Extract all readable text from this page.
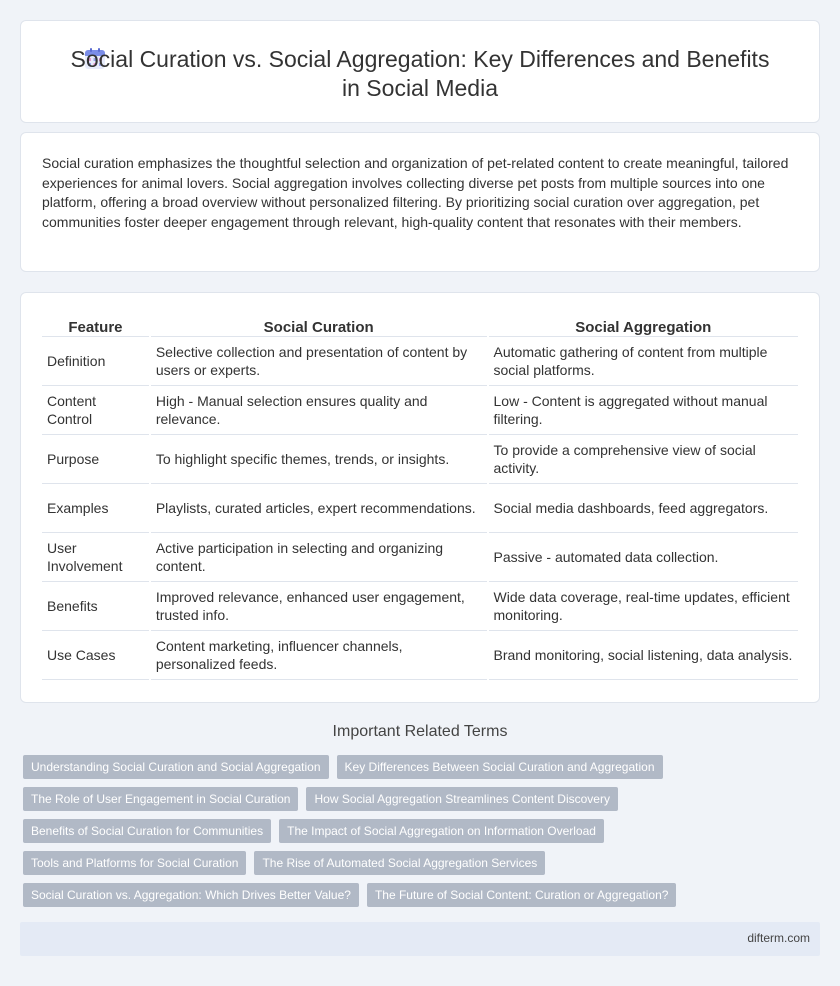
Social Curation vs. Social Aggregation: Key Differences and Benefits in Social Media

Social curation emphasizes the thoughtful selection and organization of pet-related content to create meaningful, tailored experiences for animal lovers. Social aggregation involves collecting diverse pet posts from multiple sources into one platform, offering a broad overview without personalized filtering. By prioritizing social curation over aggregation, pet communities foster deeper engagement through relevant, high-quality content that resonates with their members.

Feature	Social Curation	Social Aggregation
Definition	Selective collection and presentation of content by users or experts.	Automatic gathering of content from multiple social platforms.
Content Control	High - Manual selection ensures quality and relevance.	Low - Content is aggregated without manual filtering.
Purpose	To highlight specific themes, trends, or insights.	To provide a comprehensive view of social activity.
Examples	Playlists, curated articles, expert recommendations.	Social media dashboards, feed aggregators.
User Involvement	Active participation in selecting and organizing content.	Passive - automated data collection.
Benefits	Improved relevance, enhanced user engagement, trusted info.	Wide data coverage, real-time updates, efficient monitoring.
Use Cases	Content marketing, influencer channels, personalized feeds.	Brand monitoring, social listening, data analysis.
Important Related Terms
Understanding Social Curation and Social Aggregation	Key Differences Between Social Curation and Aggregation
The Role of User Engagement in Social Curation	How Social Aggregation Streamlines Content Discovery
Benefits of Social Curation for Communities	The Impact of Social Aggregation on Information Overload
Tools and Platforms for Social Curation	The Rise of Automated Social Aggregation Services
Social Curation vs. Aggregation: Which Drives Better Value?	The Future of Social Content: Curation or Aggregation?
difterm.com
